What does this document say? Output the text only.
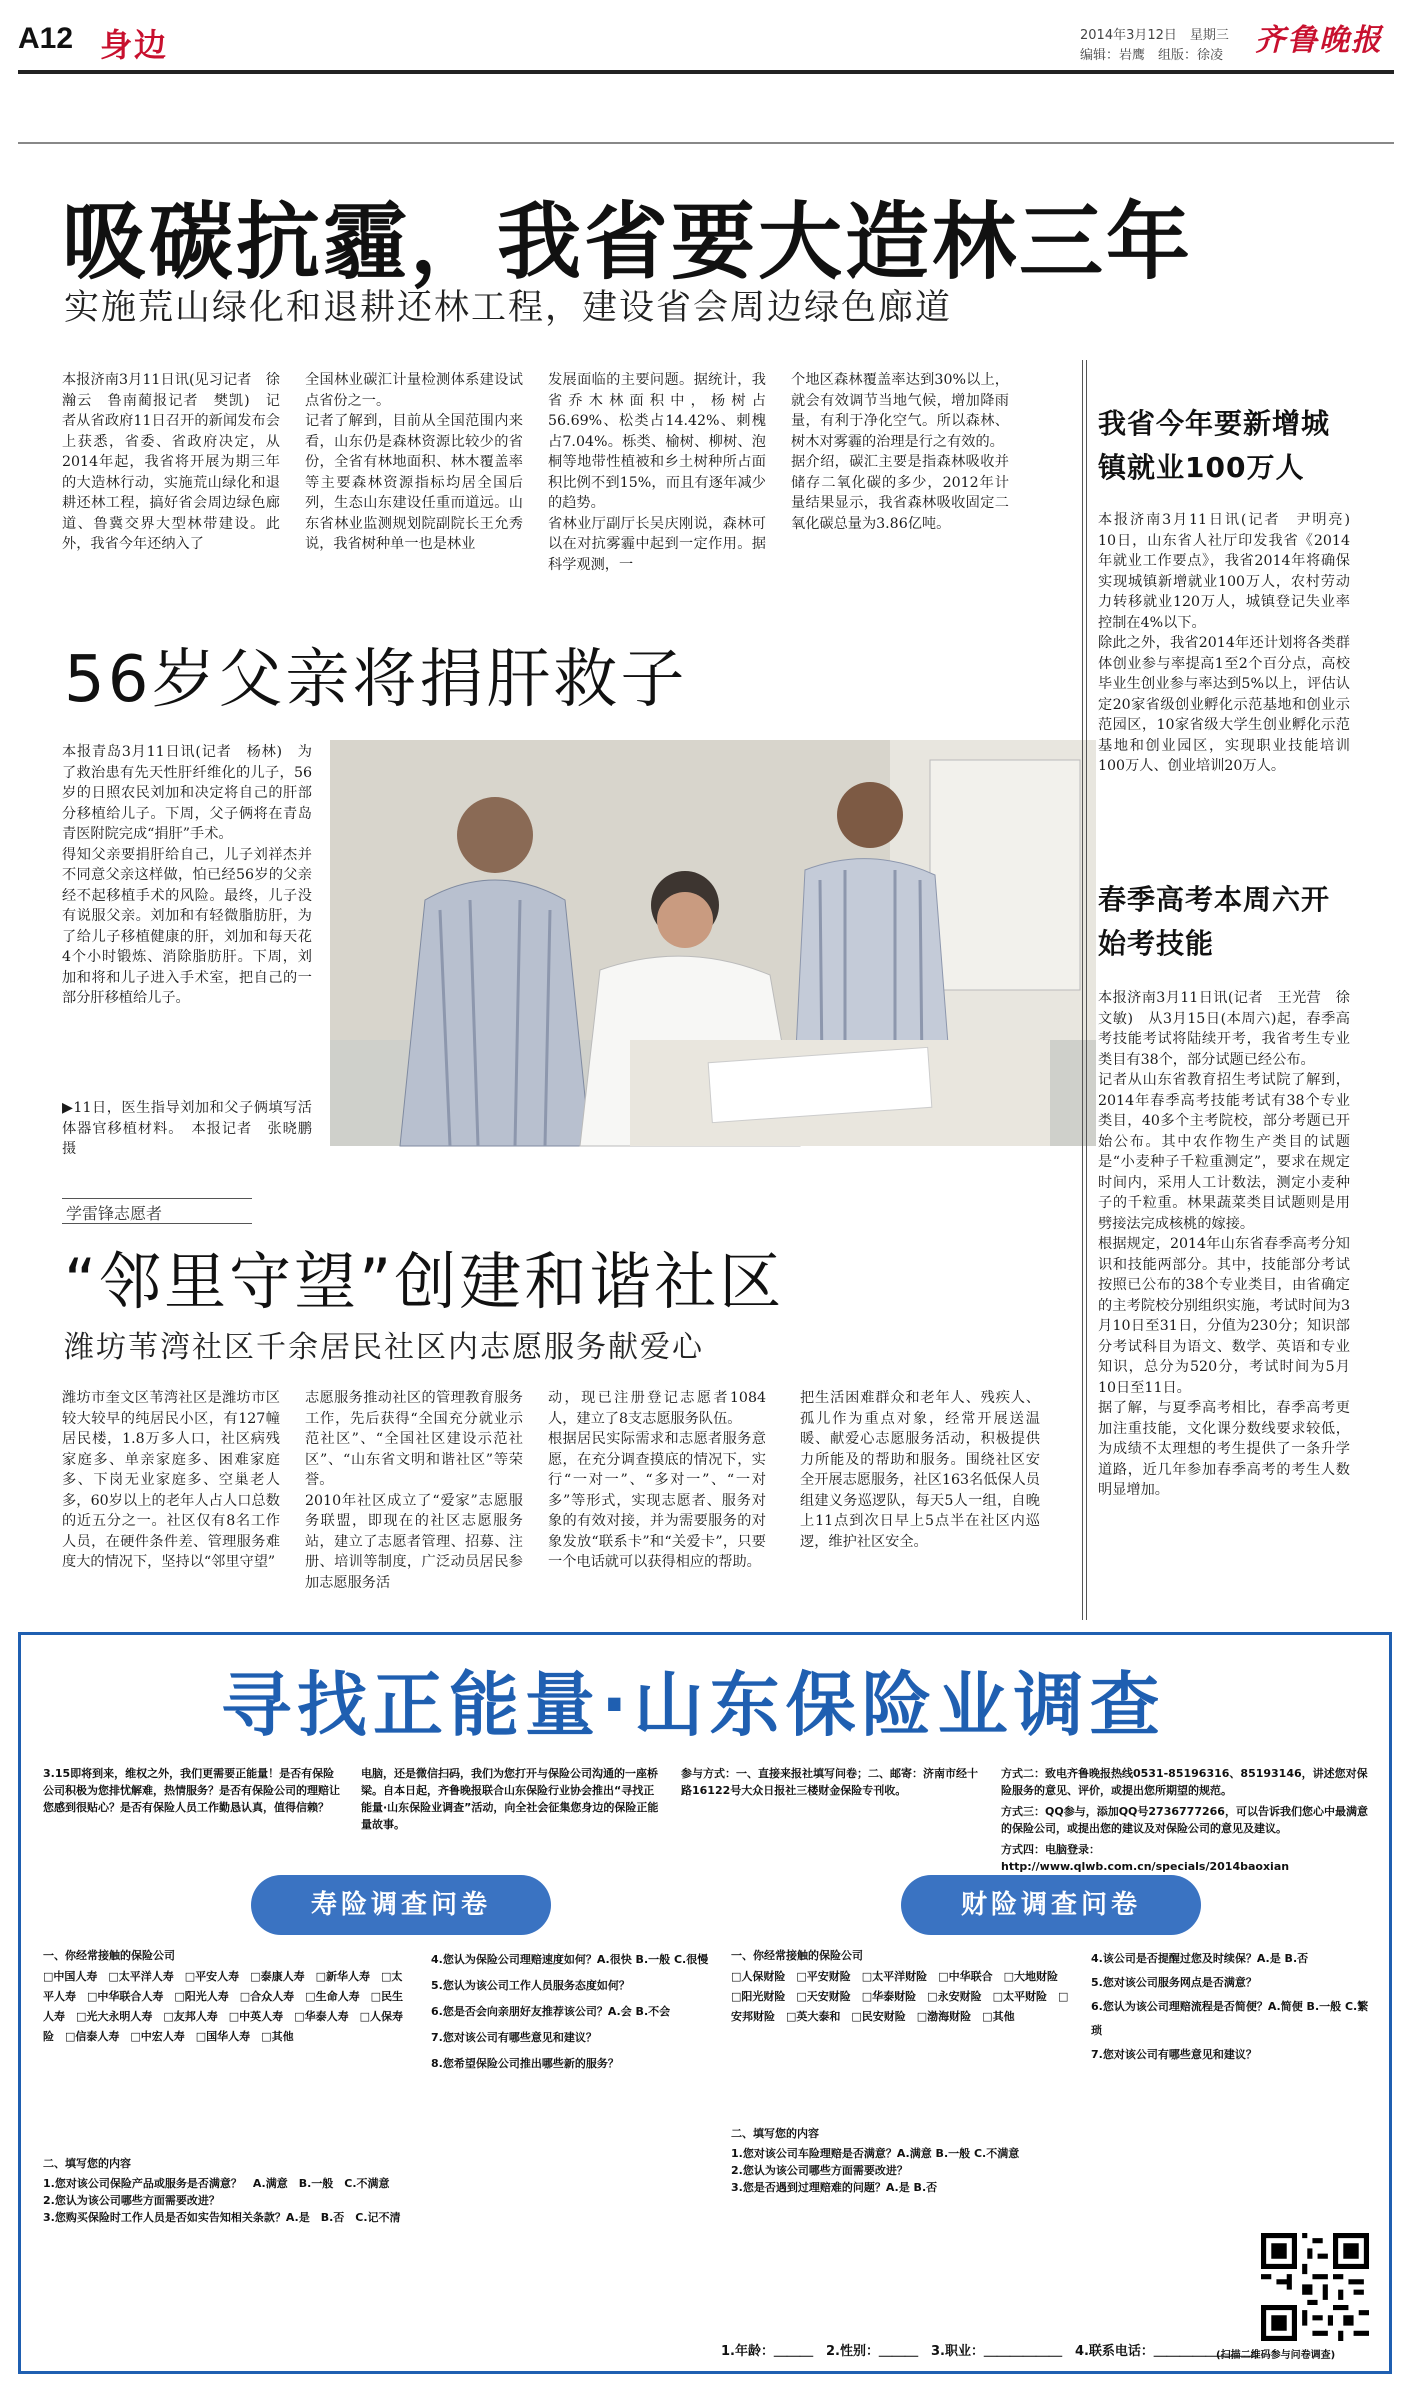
A12 身边	2014年3月12日　星期三
编辑：岩鹰　组版：徐凌 齐鲁晚报
吸碳抗霾，我省要大造林三年
实施荒山绿化和退耕还林工程，建设省会周边绿色廊道
本报济南3月11日讯(见习记者　徐瀚云　鲁南蔺报记者　樊凯)　记者从省政府11日召开的新闻发布会上获悉，省委、省政府决定，从2014年起，我省将开展为期三年的大造林行动，实施荒山绿化和退耕还林工程，搞好省会周边绿色廊道、鲁冀交界大型林带建设。此外，我省今年还纳入了
全国林业碳汇计量检测体系建设试点省份之一。
记者了解到，目前从全国范围内来看，山东仍是森林资源比较少的省份，全省有林地面积、林木覆盖率等主要森林资源指标均居全国后列，生态山东建设任重而道远。山东省林业监测规划院副院长王允秀说，我省树种单一也是林业
发展面临的主要问题。据统计，我省乔木林面积中，杨树占56.69%、松类占14.42%、刺槐占7.04%。栎类、榆树、柳树、泡桐等地带性植被和乡土树种所占面积比例不到15%，而且有逐年减少的趋势。
省林业厅副厅长吴庆刚说，森林可以在对抗雾霾中起到一定作用。据科学观测，一
个地区森林覆盖率达到30%以上，就会有效调节当地气候，增加降雨量，有利于净化空气。所以森林、树木对雾霾的治理是行之有效的。
据介绍，碳汇主要是指森林吸收并储存二氧化碳的多少，2012年计量结果显示，我省森林吸收固定二氧化碳总量为3.86亿吨。
56岁父亲将捐肝救子
本报青岛3月11日讯(记者　杨林)　为了救治患有先天性肝纤维化的儿子，56岁的日照农民刘加和决定将自己的肝部分移植给儿子。下周，父子俩将在青岛青医附院完成“捐肝”手术。
得知父亲要捐肝给自己，儿子刘祥杰并不同意父亲这样做，怕已经56岁的父亲经不起移植手术的风险。最终，儿子没有说服父亲。刘加和有轻微脂肪肝，为了给儿子移植健康的肝，刘加和每天花4个小时锻炼、消除脂肪肝。下周，刘加和将和儿子进入手术室，把自己的一部分肝移植给儿子。
▶11日，医生指导刘加和父子俩填写活体器官移植材料。　本报记者　张晓鹏　摄
学雷锋志愿者
“邻里守望”创建和谐社区
潍坊苇湾社区千余居民社区内志愿服务献爱心
潍坊市奎文区苇湾社区是潍坊市区较大较早的纯居民小区，有127幢居民楼，1.8万多人口，社区病残家庭多、单亲家庭多、困难家庭多、下岗无业家庭多、空巢老人多，60岁以上的老年人占人口总数的近五分之一。社区仅有8名工作人员，在硬件条件差、管理服务难度大的情况下，坚持以“邻里守望”
志愿服务推动社区的管理教育服务工作，先后获得“全国充分就业示范社区”、“全国社区建设示范社区”、“山东省文明和谐社区”等荣誉。
2010年社区成立了“爱家”志愿服务联盟，即现在的社区志愿服务站，建立了志愿者管理、招募、注册、培训等制度，广泛动员居民参加志愿服务活
动，现已注册登记志愿者1084人，建立了8支志愿服务队伍。
根据居民实际需求和志愿者服务意愿，在充分调查摸底的情况下，实行“一对一”、“多对一”、“一对多”等形式，实现志愿者、服务对象的有效对接，并为需要服务的对象发放“联系卡”和“关爱卡”，只要一个电话就可以获得相应的帮助。
把生活困难群众和老年人、残疾人、孤儿作为重点对象，经常开展送温暖、献爱心志愿服务活动，积极提供力所能及的帮助和服务。围绕社区安全开展志愿服务，社区163名低保人员组建义务巡逻队，每天5人一组，自晚上11点到次日早上5点半在社区内巡逻，维护社区安全。
我省今年要新增城镇就业100万人
本报济南3月11日讯(记者　尹明亮)　10日，山东省人社厅印发我省《2014年就业工作要点》，我省2014年将确保实现城镇新增就业100万人，农村劳动力转移就业120万人，城镇登记失业率控制在4%以下。
除此之外，我省2014年还计划将各类群体创业参与率提高1至2个百分点，高校毕业生创业参与率达到5%以上，评估认定20家省级创业孵化示范基地和创业示范园区，10家省级大学生创业孵化示范基地和创业园区，实现职业技能培训100万人、创业培训20万人。
春季高考本周六开始考技能
本报济南3月11日讯(记者　王光营　徐文敏)　从3月15日(本周六)起，春季高考技能考试将陆续开考，我省考生专业类目有38个，部分试题已经公布。
记者从山东省教育招生考试院了解到，2014年春季高考技能考试有38个专业类目，40多个主考院校，部分考题已开始公布。其中农作物生产类目的试题是“小麦种子千粒重测定”，要求在规定时间内，采用人工计数法，测定小麦种子的千粒重。林果蔬菜类目试题则是用劈接法完成核桃的嫁接。
根据规定，2014年山东省春季高考分知识和技能两部分。其中，技能部分考试按照已公布的38个专业类目，由省确定的主考院校分别组织实施，考试时间为3月10日至31日，分值为230分；知识部分考试科目为语文、数学、英语和专业知识，总分为520分，考试时间为5月10日至11日。
据了解，与夏季高考相比，春季高考更加注重技能，文化课分数线要求较低，为成绩不太理想的考生提供了一条升学道路，近几年参加春季高考的考生人数明显增加。
寻找正能量·山东保险业调查
3.15即将到来，维权之外，我们更需要正能量！是否有保险公司积极为您排忧解难，热情服务？是否有保险公司的理赔让您感到很贴心？是否有保险人员工作勤恳认真，值得信赖？
电脑，还是微信扫码，我们为您打开与保险公司沟通的一座桥梁。自本日起，齐鲁晚报联合山东保险行业协会推出“寻找正能量·山东保险业调查”活动，向全社会征集您身边的保险正能量故事。
参与方式：一、直接来报社填写问卷；二、邮寄：济南市经十路16122号大众日报社三楼财金保险专刊收。
方式二：致电齐鲁晚报热线0531-85196316、85193146，讲述您对保险服务的意见、评价，或提出您所期望的规范。
方式三：QQ参与，添加QQ号2736777266，可以告诉我们您心中最满意的保险公司，或提出您的建议及对保险公司的意见及建议。
方式四：电脑登录：http://www.qlwb.com.cn/specials/2014baoxian
寿险调查问卷	财险调查问卷
一、你经常接触的保险公司
□中国人寿　□太平洋人寿　□平安人寿　□泰康人寿　□新华人寿　□太平人寿　□中华联合人寿　□阳光人寿　□合众人寿　□生命人寿　□民生人寿　□光大永明人寿　□友邦人寿　□中英人寿　□华泰人寿　□人保寿险　□信泰人寿　□中宏人寿　□国华人寿　□其他
二、填写您的内容
1.您对该公司保险产品或服务是否满意？　A.满意　B.一般　C.不满意
2.您认为该公司哪些方面需要改进？
3.您购买保险时工作人员是否如实告知相关条款？A.是　B.否　C.记不清
4.您认为保险公司理赔速度如何？A.很快 B.一般 C.很慢
5.您认为该公司工作人员服务态度如何？
6.您是否会向亲朋好友推荐该公司？A.会 B.不会
7.您对该公司有哪些意见和建议？
8.您希望保险公司推出哪些新的服务？
一、你经常接触的保险公司
□人保财险　□平安财险　□太平洋财险　□中华联合　□大地财险　□阳光财险　□天安财险　□华泰财险　□永安财险　□太平财险　□安邦财险　□英大泰和　□民安财险　□渤海财险　□其他
二、填写您的内容
1.您对该公司车险理赔是否满意？A.满意 B.一般 C.不满意
2.您认为该公司哪些方面需要改进？
3.您是否遇到过理赔难的问题？A.是 B.否
4.该公司是否提醒过您及时续保？A.是 B.否
5.您对该公司服务网点是否满意？
6.您认为该公司理赔流程是否简便？A.简便 B.一般 C.繁琐
7.您对该公司有哪些意见和建议？
1.年龄：＿＿＿　2.性别：＿＿＿　3.职业：＿＿＿＿＿＿　4.联系电话：＿＿＿＿＿＿＿＿
(扫描二维码参与问卷调查)
